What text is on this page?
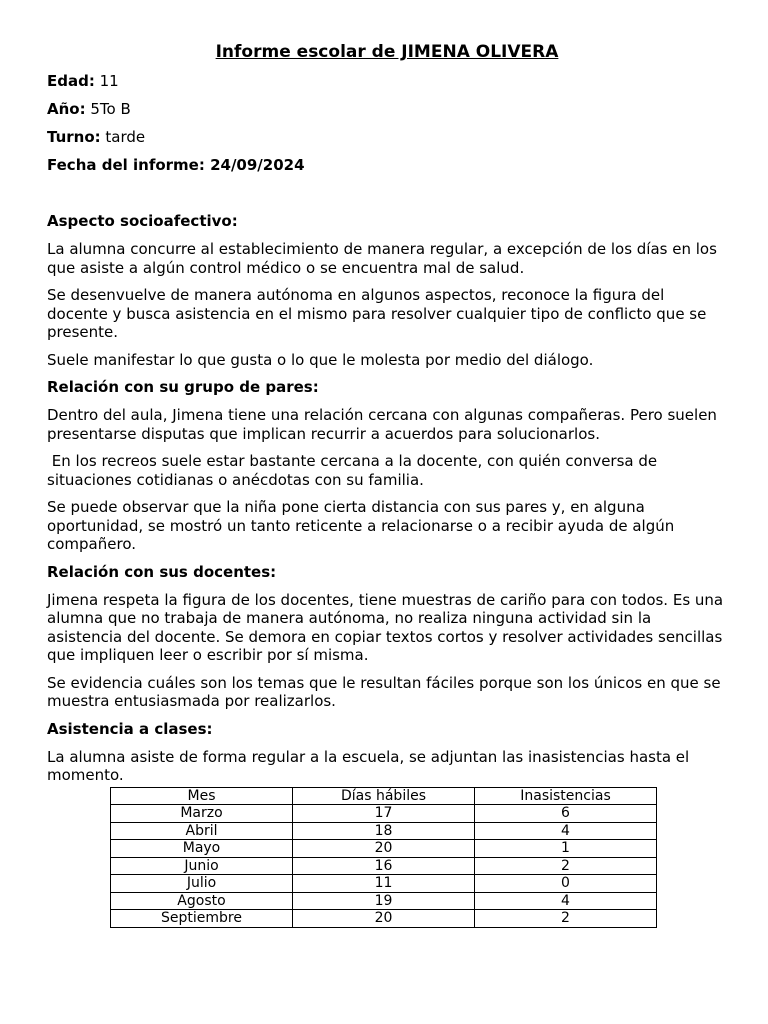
Informe escolar de JIMENA OLIVERA
Edad: 11
Año: 5To B
Turno: tarde
Fecha del informe: 24/09/2024
Aspecto socioafectivo:

La alumna concurre al establecimiento de manera regular, a excepción de los días en los que asiste a algún control médico o se encuentra mal de salud.

Se desenvuelve de manera autónoma en algunos aspectos, reconoce la figura del docente y busca asistencia en el mismo para resolver cualquier tipo de conflicto que se presente.

Suele manifestar lo que gusta o lo que le molesta por medio del diálogo.

Relación con su grupo de pares:

Dentro del aula, Jimena tiene una relación cercana con algunas compañeras. Pero suelen presentarse disputas que implican recurrir a acuerdos para solucionarlos.

En los recreos suele estar bastante cercana a la docente, con quién conversa de situaciones cotidianas o anécdotas con su familia.

Se puede observar que la niña pone cierta distancia con sus pares y, en alguna oportunidad, se mostró un tanto reticente a relacionarse o a recibir ayuda de algún compañero.

Relación con sus docentes:

Jimena respeta la figura de los docentes, tiene muestras de cariño para con todos. Es una alumna que no trabaja de manera autónoma, no realiza ninguna actividad sin la asistencia del docente. Se demora en copiar textos cortos y resolver actividades sencillas que impliquen leer o escribir por sí misma.

Se evidencia cuáles son los temas que le resultan fáciles porque son los únicos en que se muestra entusiasmada por realizarlos.

Asistencia a clases:

La alumna asiste de forma regular a la escuela, se adjuntan las inasistencias hasta el momento.

Mes	Días hábiles	Inasistencias
Marzo	17	6
Abril	18	4
Mayo	20	1
Junio	16	2
Julio	11	0
Agosto	19	4
Septiembre	20	2
